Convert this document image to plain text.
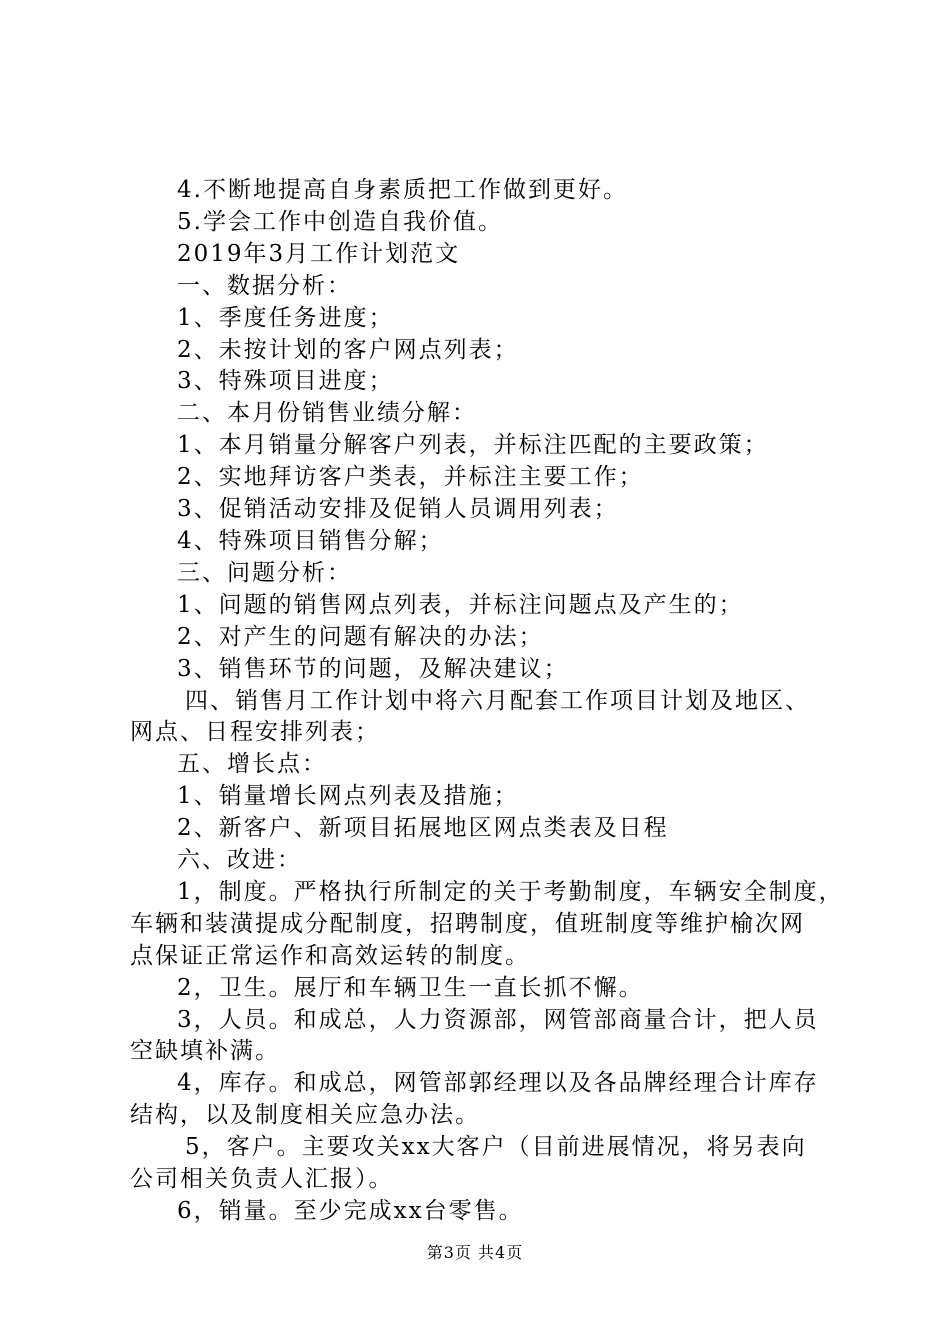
4.不断地提高自身素质把工作做到更好。
5.学会工作中创造自我价值。
2019年3月工作计划范文
一、数据分析：
1、季度任务进度；
2、未按计划的客户网点列表；
3、特殊项目进度；
二、本月份销售业绩分解：
1、本月销量分解客户列表，并标注匹配的主要政策；
2、实地拜访客户类表，并标注主要工作；
3、促销活动安排及促销人员调用列表；
4、特殊项目销售分解；
三、问题分析：
1、问题的销售网点列表，并标注问题点及产生的；
2、对产生的问题有解决的办法；
3、销售环节的问题，及解决建议；
四、销售月工作计划中将六月配套工作项目计划及地区、
网点、日程安排列表；
五、增长点：
1、销量增长网点列表及措施；
2、新客户、新项目拓展地区网点类表及日程
六、改进：
1，制度。严格执行所制定的关于考勤制度，车辆安全制度，
车辆和装潢提成分配制度，招聘制度，值班制度等维护榆次网
点保证正常运作和高效运转的制度。
2，卫生。展厅和车辆卫生一直长抓不懈。
3，人员。和成总，人力资源部，网管部商量合计，把人员
空缺填补满。
4，库存。和成总，网管部郭经理以及各品牌经理合计库存
结构，以及制度相关应急办法。
5，客户。主要攻关xx大客户（目前进展情况，将另表向
公司相关负责人汇报）。
6，销量。至少完成xx台零售。
第3页 共4页
